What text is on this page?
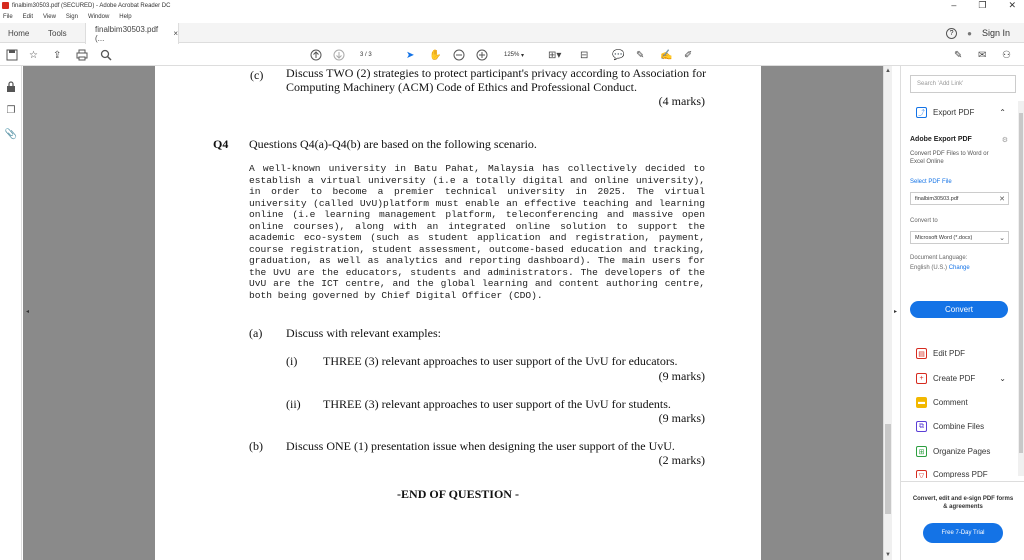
finalbim30503.pdf (SECURED) - Adobe Acrobat Reader DC	– ❐ ✕
File Edit View Sign Window Help
Home Tools	finalbim30503.pdf (...	×	?	● Sign In
☆ ⇪	3
/ 3	➤ ✋	125% ▾ ⊞▾ ⊟ 💬 ✎ ✍ ✐	✎ ✉ ⚇
❐
📎
◂
(c) Discuss TWO (2) strategies to protect participant's privacy according to Association for Computing Machinery (ACM) Code of Ethics and Professional Conduct.
(4 marks)
Q4 Questions Q4(a)-Q4(b) are based on the following scenario.
A well-known university in Batu Pahat, Malaysia has collectively decided to establish a virtual university (i.e a totally digital and online university), in order to become a premier technical university in 2025. The virtual university (called UvU)platform must enable an effective teaching and learning online (i.e learning management platform, teleconferencing and massive open online courses), along with an integrated online solution to support the academic eco-system (such as student application and registration, payment, course registration, student assessment, outcome-based education and tracking, graduation, as well as analytics and reporting dashboard). The main users for the UvU are the educators, students and administrators. The developers of the UvU are the ICT centre, and the global learning and content authoring centre, both being governed by Chief Digital Officer (CDO).
(a) Discuss with relevant examples:
(i) THREE (3) relevant approaches to user support of the UvU for educators.
(9 marks)
(ii) THREE (3) relevant approaches to user support of the UvU for students.
(9 marks)
(b) Discuss ONE (1) presentation issue when designing the user support of the UvU.
(2 marks)
-END OF QUESTION -
▲
▼
▸
Search 'Add Link'
⤴ Export PDF	⌃
Adobe Export PDF	⚙
Convert PDF Files to Word or Excel Online
Select PDF File
finalbim30503.pdf	✕
Convert to
Microsoft Word (*.docx)	⌄
Document Language:
English (U.S.) Change
Convert
▤ Edit PDF
+	Create PDF	⌄
▬ Comment
⧉	Combine Files
⊞	Organize Pages
▽	Compress PDF
Convert, edit and e-sign PDF forms & agreements
Free 7-Day Trial
